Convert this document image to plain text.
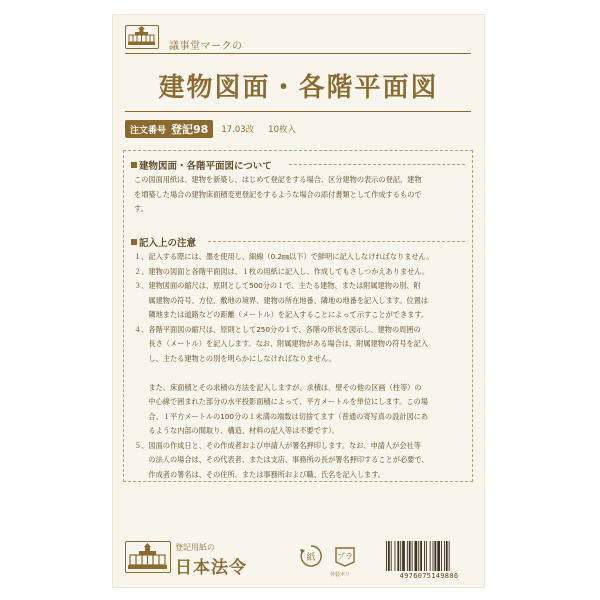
議事堂マークの
建物図面・各階平面図
注文番号 登記98 17.03改 10枚入
建物図面・各階平面図について
この図面用紙は、建物を新築し、はじめて登記をする場合、区分建物の表示の登記、建物
を増築した場合の建物床面積変更登記をするような場合の添付書類として作成するもので
す。
記入上の注意
１、記入する際には、墨を使用し、細線（0.2㎜以下）で鮮明に記入しなければなりません。
２、建物の図面と各階平面図は、１枚の用紙に記入し、作成してもさしつかえありません。
３、建物図面の縮尺は、原則として500分の１で、主たる建物、または附属建物の別、附
　　属建物の符号、方位、敷地の境界、建物の所在地番、隣地の地番を記入します。位置は
　　隣地または道路などの距離（メートル）を記入することによって示すことができます。
４、各階平面図の縮尺は、原則として250分の１で、各階の形状を図示し、建物の周囲の
　　長さ（メートル）を記入します。なお、附属建物がある場合は、附属建物の符号を記入
　　し、主たる建物との別を明らかにしなければなりません。
　　また、床面積とその求積の方法を記入しますが、求積は、壁その他の区画（柱等）の
　　中心線で囲まれた部分の水平投影面積によって、平方メートルを単位にします。この場
　　合、１平方メートルの100分の１未満の端数は切捨てます（普通の寄写真の設計図にあ
　　るような内部の間取り、構造、材料の記入等は不要です）。
５、図面の作成日と、その作成者および申請人が署名押印します。なお、申請人が会社等
　　の法人の場合は、その代表者、または支店、事務所の長が署名押印することが必要で、
　　作成者の署名は、その住所、または事務所および職、氏名を記入します。
登記用紙の
日本法令	紙	プラ
外装ポリ	4976075149806
